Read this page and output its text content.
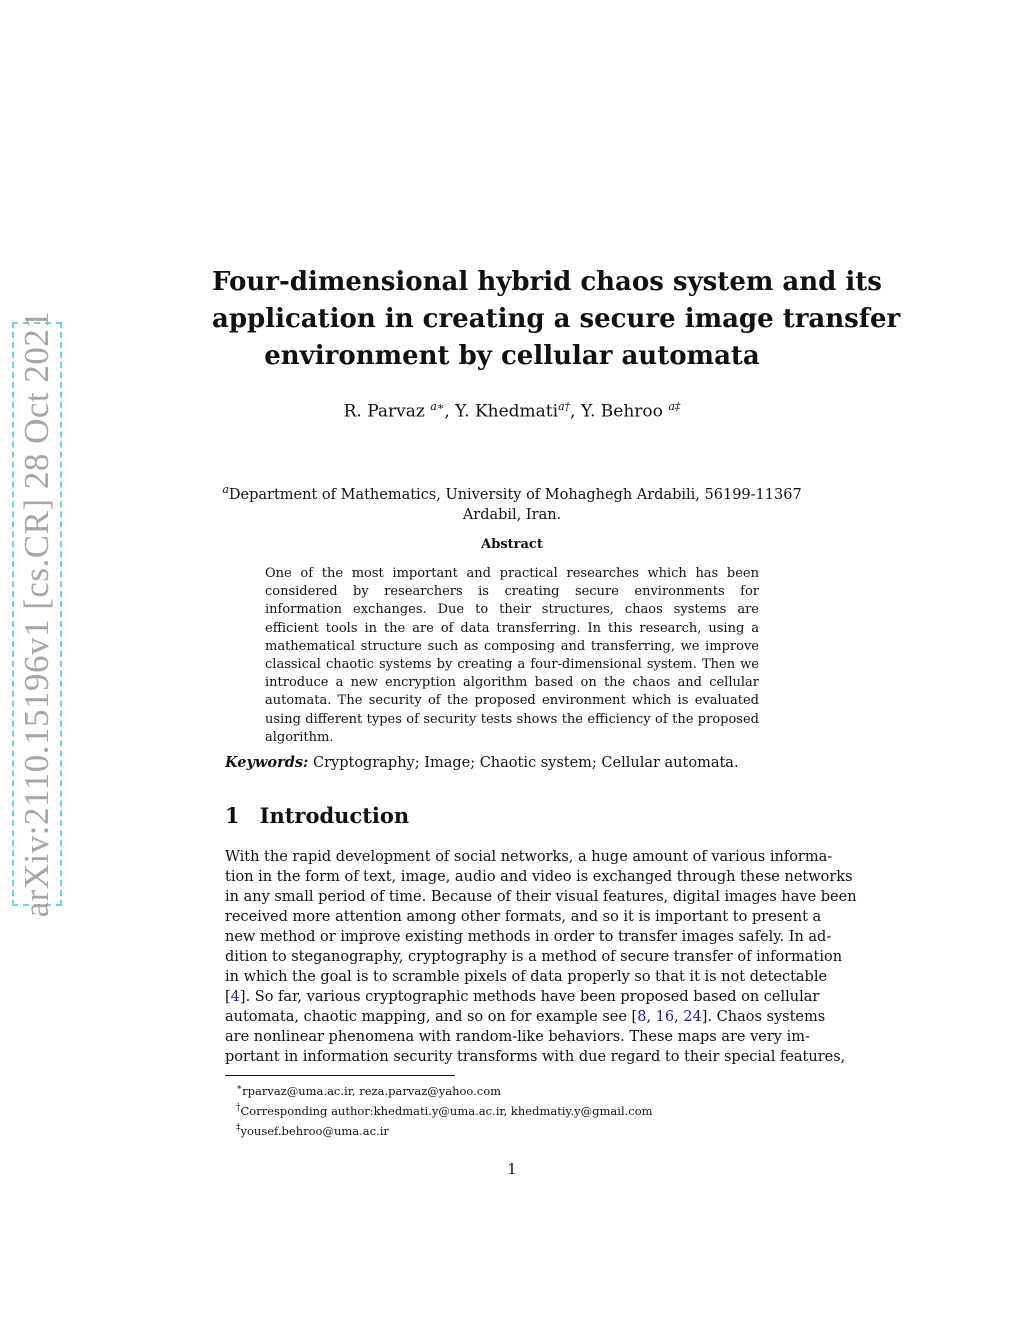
arXiv:2110.15196v1 [cs.CR] 28 Oct 2021
Four-dimensional hybrid chaos system and its
application in creating a secure image transfer
environment by cellular automata
R. Parvaz $^{a∗}$, Y. Khedmati$^{a\dagger}$, Y. Behroo $^{a\ddagger}$
$^a$Department of Mathematics, University of Mohaghegh Ardabili, 56199-11367
Ardabil, Iran.
Abstract
One of the most important and practical researches which has been considered by researchers is creating secure environments for information exchanges. Due to their structures, chaos systems are efficient tools in the are of data transferring. In this research, using a mathematical structure such as composing and transferring, we improve classical chaotic systems by creating a four-dimensional system. Then we introduce a new encryption algorithm based on the chaos and cellular automata. The security of the proposed environment which is evaluated using different types of security tests shows the efficiency of the proposed algorithm.
Keywords: Cryptography; Image; Chaotic system; Cellular automata.
1 Introduction
With the rapid development of social networks, a huge amount of various informa-
tion in the form of text, image, audio and video is exchanged through these networks
in any small period of time. Because of their visual features, digital images have been
received more attention among other formats, and so it is important to present a
new method or improve existing methods in order to transfer images safely. In ad-
dition to steganography, cryptography is a method of secure transfer of information
in which the goal is to scramble pixels of data properly so that it is not detectable
[4]. So far, various cryptographic methods have been proposed based on cellular
automata, chaotic mapping, and so on for example see [8, 16, 24]. Chaos systems
are nonlinear phenomena with random-like behaviors. These maps are very im-
portant in information security transforms with due regard to their special features,
∗rparvaz@uma.ac.ir, reza.parvaz@yahoo.com
†Corresponding author:khedmati.y@uma.ac.ir, khedmatiy.y@gmail.com
‡yousef.behroo@uma.ac.ir
1
